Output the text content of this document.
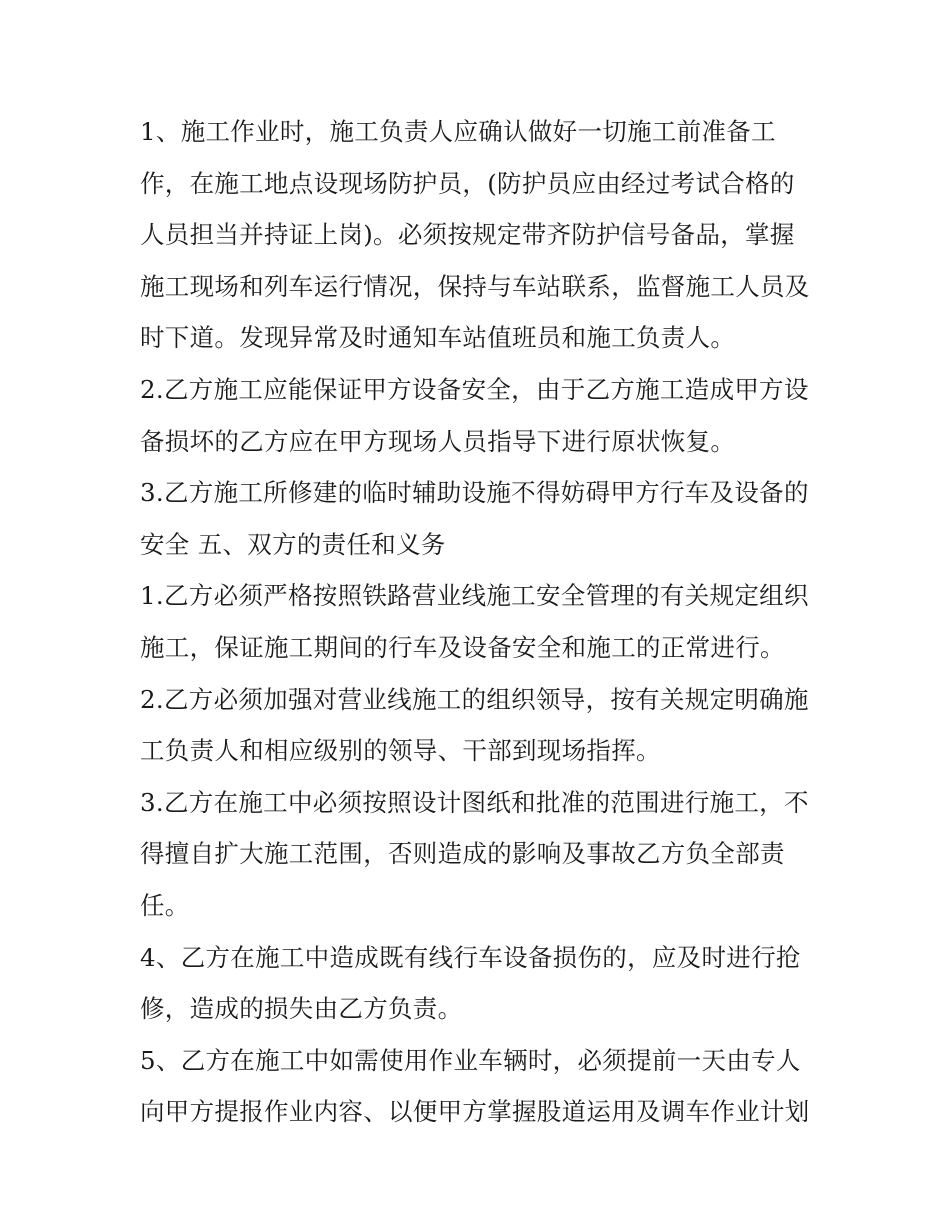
1、施工作业时，施工负责人应确认做好一切施工前准备工
作，在施工地点设现场防护员，(防护员应由经过考试合格的
人员担当并持证上岗)。必须按规定带齐防护信号备品，掌握
施工现场和列车运行情况，保持与车站联系，监督施工人员及
时下道。发现异常及时通知车站值班员和施工负责人。
2.乙方施工应能保证甲方设备安全，由于乙方施工造成甲方设
备损坏的乙方应在甲方现场人员指导下进行原状恢复。
3.乙方施工所修建的临时辅助设施不得妨碍甲方行车及设备的
安全 五、双方的责任和义务
1.乙方必须严格按照铁路营业线施工安全管理的有关规定组织
施工，保证施工期间的行车及设备安全和施工的正常进行。
2.乙方必须加强对营业线施工的组织领导，按有关规定明确施
工负责人和相应级别的领导、干部到现场指挥。
3.乙方在施工中必须按照设计图纸和批准的范围进行施工，不
得擅自扩大施工范围，否则造成的影响及事故乙方负全部责
任。
4、乙方在施工中造成既有线行车设备损伤的，应及时进行抢
修，造成的损失由乙方负责。
5、乙方在施工中如需使用作业车辆时，必须提前一天由专人
向甲方提报作业内容、以便甲方掌握股道运用及调车作业计划
